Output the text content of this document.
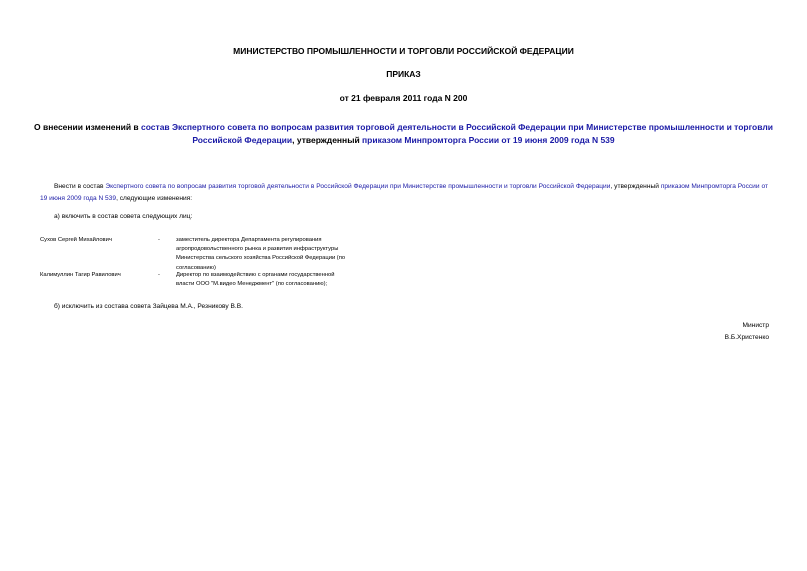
МИНИСТЕРСТВО ПРОМЫШЛЕННОСТИ И ТОРГОВЛИ РОССИЙСКОЙ ФЕДЕРАЦИИ
ПРИКАЗ
от 21 февраля 2011 года N 200
О внесении изменений в состав Экспертного совета по вопросам развития торговой деятельности в Российской Федерации при Министерстве промышленности и торговли Российской Федерации, утвержденный приказом Минпромторга России от 19 июня 2009 года N 539
Внести в состав Экспертного совета по вопросам развития торговой деятельности в Российской Федерации при Министерстве промышленности и торговли Российской Федерации, утвержденный приказом Минпромторга России от 19 июня 2009 года N 539, следующие изменения:
а) включить в состав совета следующих лиц:
Сухов Сергей Михайлович	-	заместитель директора Департамента регулирования агропродовольственного рынка и развития инфраструктуры Министерства сельского хозяйства Российской Федерации (по согласованию)
Калимуллин Тагир Равилович	-	Директор по взаимодействию с органами государственной власти ООО "М.видео Менеджмент" (по согласованию);
б) исключить из состава совета Зайцева М.А., Резникову В.В.
Министр
В.Б.Христенко
